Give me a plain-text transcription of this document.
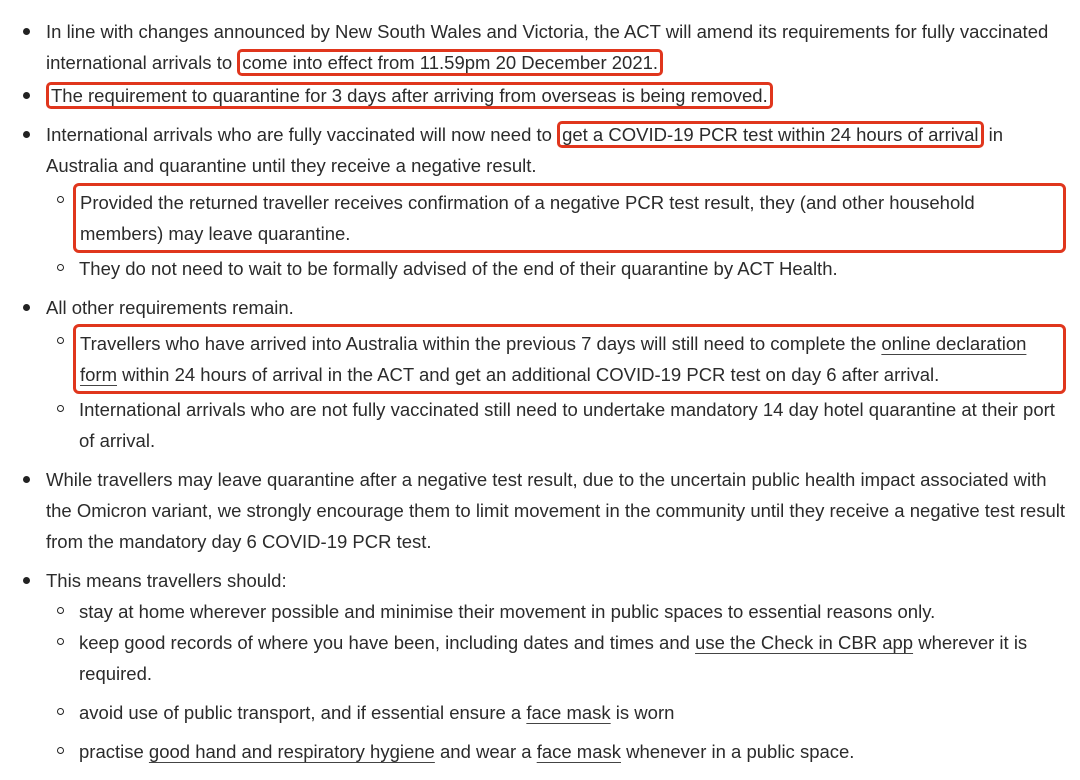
In line with changes announced by New South Wales and Victoria, the ACT will amend its requirements for fully vaccinated international arrivals to come into effect from 11.59pm 20 December 2021.
The requirement to quarantine for 3 days after arriving from overseas is being removed.
International arrivals who are fully vaccinated will now need to get a COVID-19 PCR test within 24 hours of arrival in Australia and quarantine until they receive a negative result.
Provided the returned traveller receives confirmation of a negative PCR test result, they (and other household members) may leave quarantine.
They do not need to wait to be formally advised of the end of their quarantine by ACT Health.
All other requirements remain.
Travellers who have arrived into Australia within the previous 7 days will still need to complete the online declaration form within 24 hours of arrival in the ACT and get an additional COVID-19 PCR test on day 6 after arrival.
International arrivals who are not fully vaccinated still need to undertake mandatory 14 day hotel quarantine at their port of arrival.
While travellers may leave quarantine after a negative test result, due to the uncertain public health impact associated with the Omicron variant, we strongly encourage them to limit movement in the community until they receive a negative test result from the mandatory day 6 COVID-19 PCR test.
This means travellers should:
stay at home wherever possible and minimise their movement in public spaces to essential reasons only.
keep good records of where you have been, including dates and times and use the Check in CBR app wherever it is required.
avoid use of public transport, and if essential ensure a face mask is worn
practise good hand and respiratory hygiene and wear a face mask whenever in a public space.
